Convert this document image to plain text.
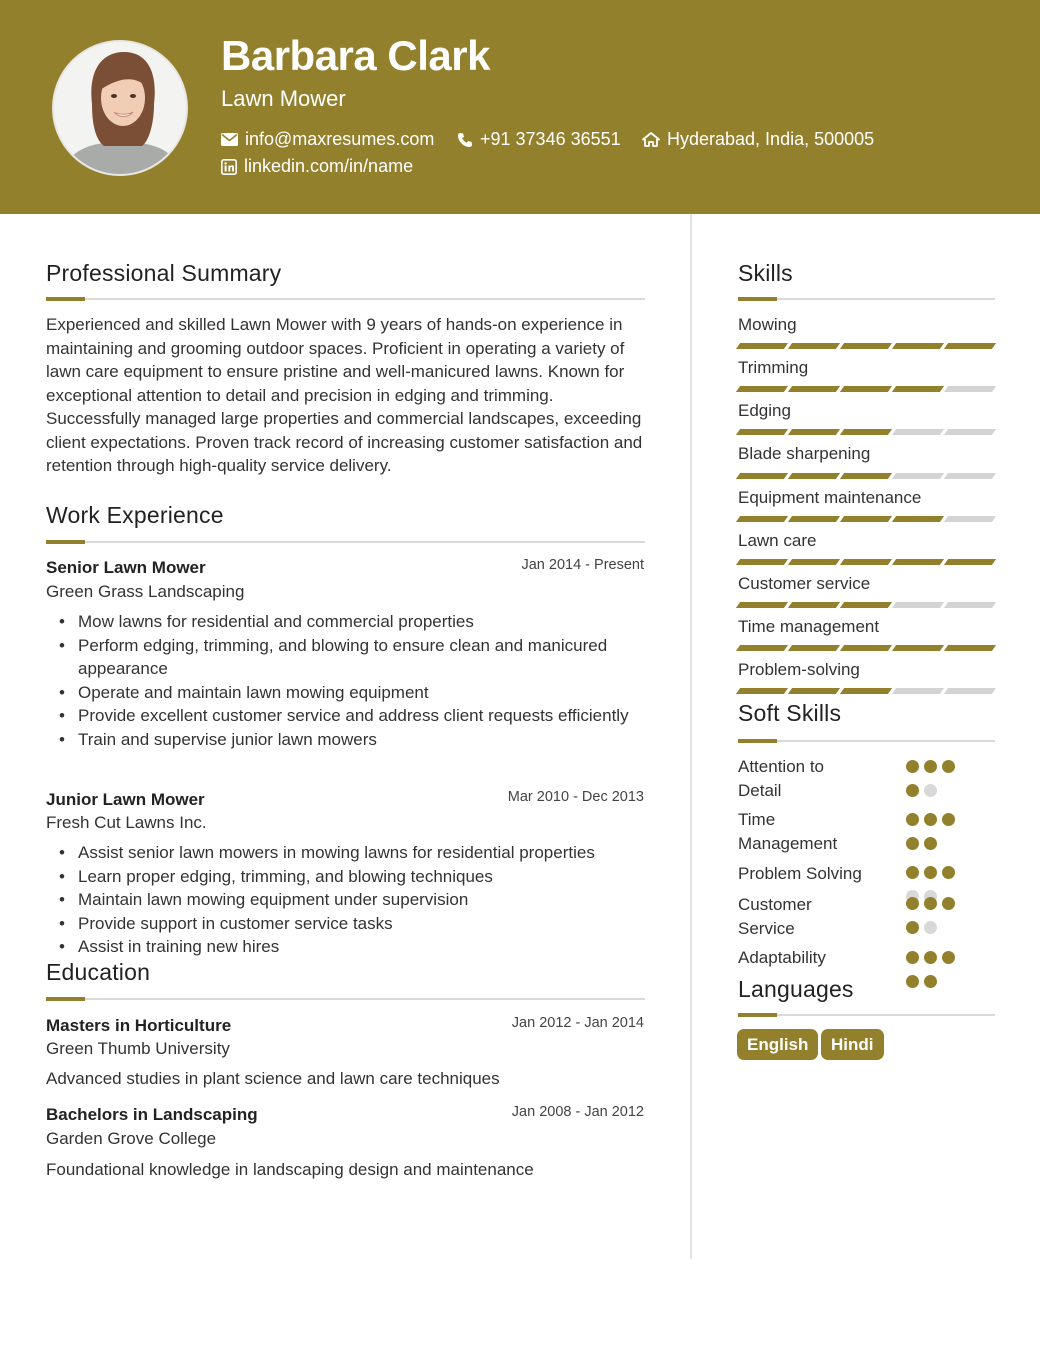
Barbara Clark
Lawn Mower
info@maxresumes.com	+91 37346 36551	Hyderabad, India, 500005
linkedin.com/in/name
Professional Summary
Experienced and skilled Lawn Mower with 9 years of hands-on experience in maintaining and grooming outdoor spaces. Proficient in operating a variety of lawn care equipment to ensure pristine and well-manicured lawns. Known for exceptional attention to detail and precision in edging and trimming. Successfully managed large properties and commercial landscapes, exceeding client expectations. Proven track record of increasing customer satisfaction and retention through high-quality service delivery.
Work Experience
Senior Lawn Mower	Jan 2014 - Present
Green Grass Landscaping
• Mow lawns for residential and commercial properties
• Perform edging, trimming, and blowing to ensure clean and manicured appearance
• Operate and maintain lawn mowing equipment
• Provide excellent customer service and address client requests efficiently
• Train and supervise junior lawn mowers
Junior Lawn Mower	Mar 2010 - Dec 2013
Fresh Cut Lawns Inc.
• Assist senior lawn mowers in mowing lawns for residential properties
• Learn proper edging, trimming, and blowing techniques
• Maintain lawn mowing equipment under supervision
• Provide support in customer service tasks
• Assist in training new hires
Education
Masters in Horticulture	Jan 2012 - Jan 2014
Green Thumb University
Advanced studies in plant science and lawn care techniques
Bachelors in Landscaping	Jan 2008 - Jan 2012
Garden Grove College
Foundational knowledge in landscaping design and maintenance
Skills
Mowing
Trimming
Edging
Blade sharpening
Equipment maintenance
Lawn care
Customer service
Time management
Problem-solving
Soft Skills
Attention to Detail
Time Management
Problem Solving
Customer Service
Adaptability
Languages
English	Hindi
